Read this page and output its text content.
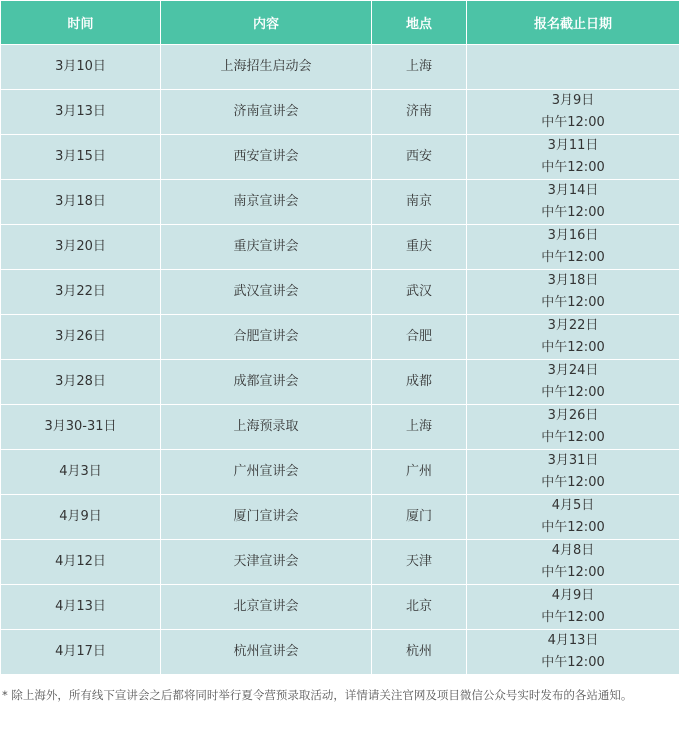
时间	内容	地点	报名截止日期
3月10日	上海招生启动会	上海	

3月13日	济南宣讲会	济南	3月9日
中午12:00

3月15日	西安宣讲会	西安	3月11日
中午12:00

3月18日	南京宣讲会	南京	3月14日
中午12:00

3月20日	重庆宣讲会	重庆	3月16日
中午12:00

3月22日	武汉宣讲会	武汉	3月18日
中午12:00

3月26日	合肥宣讲会	合肥	3月22日
中午12:00

3月28日	成都宣讲会	成都	3月24日
中午12:00

3月30-31日	上海预录取	上海	3月26日
中午12:00

4月3日	广州宣讲会	广州	3月31日
中午12:00

4月9日	厦门宣讲会	厦门	4月5日
中午12:00

4月12日	天津宣讲会	天津	4月8日
中午12:00

4月13日	北京宣讲会	北京	4月9日
中午12:00

4月17日	杭州宣讲会	杭州	4月13日
中午12:00
* 除上海外，所有线下宣讲会之后都将同时举行夏令营预录取活动，详情请关注官网及项目微信公众号实时发布的各站通知。
